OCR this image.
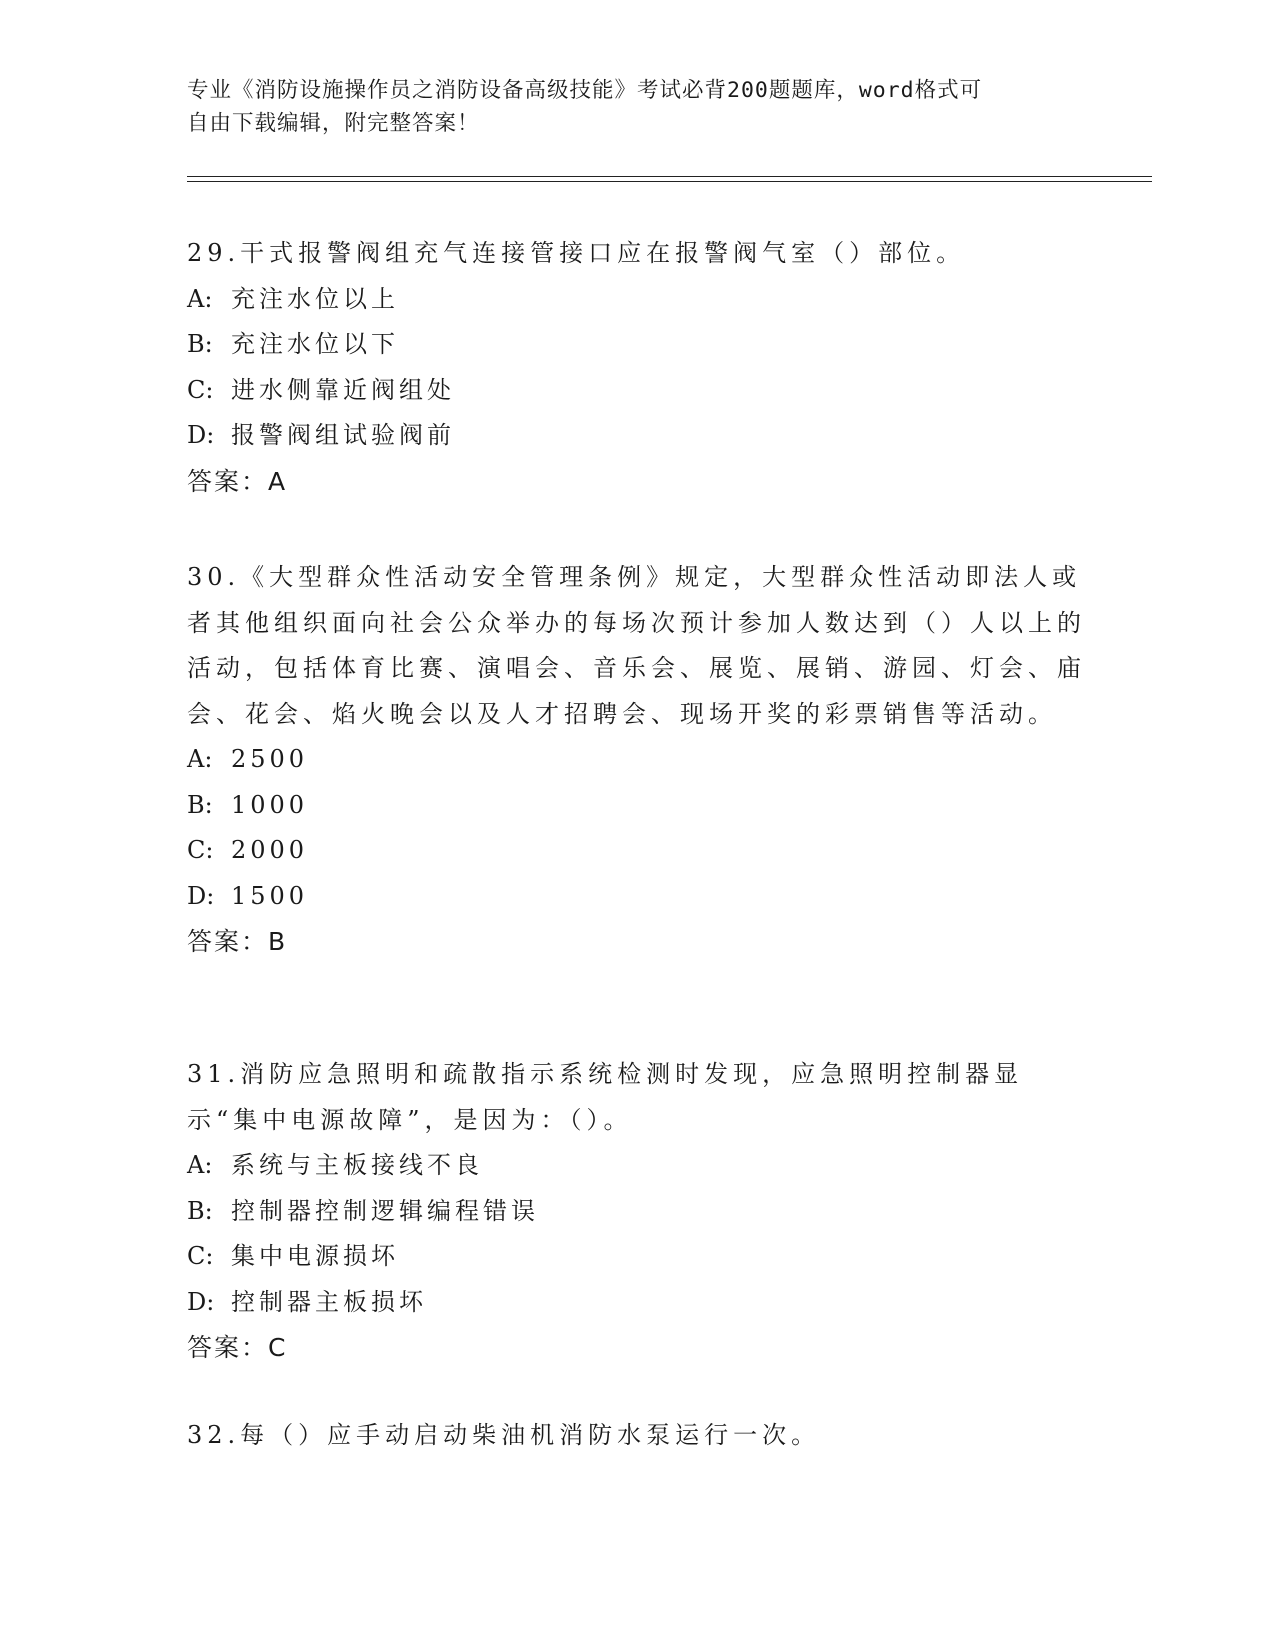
专业《消防设施操作员之消防设备高级技能》考试必背200题题库，word格式可
自由下载编辑，附完整答案！

29.干式报警阀组充气连接管接口应在报警阀气室（）部位。

A: 充注水位以上
B: 充注水位以下
C: 进水侧靠近阀组处
D: 报警阀组试验阀前
答案：A

30.《大型群众性活动安全管理条例》规定，大型群众性活动即法人或者其他组织面向社会公众举办的每场次预计参加人数达到（）人以上的活动，包括体育比赛、演唱会、音乐会、展览、展销、游园、灯会、庙会、花会、焰火晚会以及人才招聘会、现场开奖的彩票销售等活动。

A: 2500
B: 1000
C: 2000
D: 1500
答案：B

31.消防应急照明和疏散指示系统检测时发现，应急照明控制器显示“集中电源故障”，是因为：（）。

A: 系统与主板接线不良
B: 控制器控制逻辑编程错误
C: 集中电源损坏
D: 控制器主板损坏
答案：C

32.每（）应手动启动柴油机消防水泵运行一次。
